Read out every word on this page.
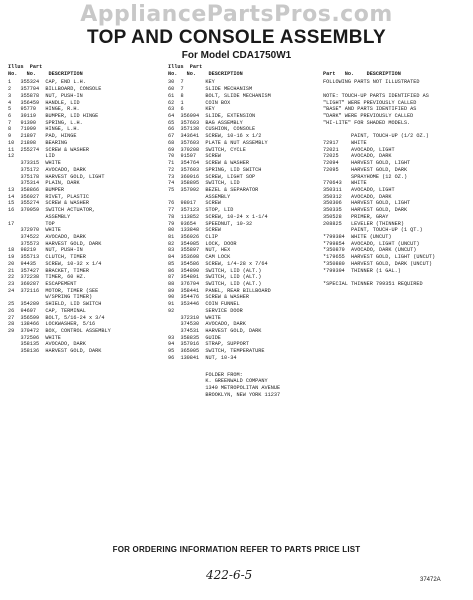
AppliancePartsPros.com
TOP AND CONSOLE ASSEMBLY
For Model CDA1750W1
Illus  Part
No.   No.    DESCRIPTION
1   355324  CAP, END L.H.
2   357704  BILLBOARD, CONSOLE
3   355878  NUT, PUSH-IN
4   356459  HANDLE, LID
5   95770   HINGE, R.H.
6   39119   BUMPER, LID HINGE
7   91390   SPRING, L.H.
8   71099   HINGE, L.H.
9   21897   PAD, HINGE
10  21898   BEARING
11  255274  SCREW & WASHER
12          LID
373315  WHITE
375172  AVOCADO, DARK
375178  HARVEST GOLD, LIGHT
375314  PLAIN, DARK
13  358866  BUMPER
14  356927  RIVET, PLASTIC
15  355274  SCREW & WASHER
16  370959  SWITCH ACTUATOR,
ASSEMBLY
17          TOP
372970  WHITE
374522  AVOCADO, DARK
375573  HARVEST GOLD, DARK
18  98219   NUT, PUSH-IN
19  355713  CLUTCH, TIMER
20  94435   SCREW, 10-32 x 1/4
21  357427  BRACKET, TIMER
22  372238  TIMER, 60 HZ.
23  369287  ESCAPEMENT
24  372116  MOTOR, TIMER (SEE
W/SPRING TIMER)
25  354289  SHIELD, LID SWITCH
26  94697   CAP, TERMINAL
27  356599  BOLT, 5/16-24 x 3/4
28  138466  LOCKWASHER, 5/16
29  370472  BOX, CONTROL ASSEMBLY
372506  WHITE
358135  AVOCADO, DARK
358136  HARVEST GOLD, DARK
Illus  Part
No.   No.    DESCRIPTION
30  7       KEY
60  7       SLIDE MECHANISM
61  8       BOLT, SLIDE MECHANISM
62  1       COIN BOX
63  6       KEY
64  356994  SLIDE, EXTENSION
65  357603  BAG ASSEMBLY
66  357138  CUSHION, CONSOLE
67  343641  SCREW, 10-16 x 1/2
68  357603  PLATE & NUT ASSEMBLY
69  370208  SWITCH, CYCLE
70  91507   SCREW
71  354764  SCREW & WASHER
72  357603  SPRING, LID SWITCH
73  360916  SCREW, LIGHT SOP
74  358895  SWITCH, LID
75  357092  BEZEL & SEPARATOR
ASSEMBLY
76  98017   SCREW
77  357123  STOP, LID
78  113852  SCREW, 10-24 x 1-1/4
79  93654   SPEEDNUT, 10-32
80  133848  SCREW
81  356926  CLIP
82  354085  LOCK, DOOR
83  355897  NUT, HEX
84  353698  CAM LOCK
85  354586  SCREW, 1/4-28 x 7/64
86  354890  SWITCH, LID (ALT.)
87  354891  SWITCH, LID (ALT.)
88  376704  SWITCH, LID (ALT.)
89  358441  PANEL, REAR BILLBOARD
90  354476  SCREW & WASHER
91  353446  COIN FUNNEL
92          SERVICE DOOR
372310  WHITE
374530  AVOCADO, DARK
374531  HARVEST GOLD, DARK
93  358835  GUIDE
94  357016  STRAP, SUPPORT
95  365005  SWITCH, TEMPERATURE
96  130841  NUT, 10-34
FOLDER FROM:
K. GREENWALD COMPANY
1340 METROPOLITAN AVENUE
BROOKLYN, NEW YORK 11237

Part   No.    DESCRIPTION
FOLLOWING PARTS NOT ILLUSTRATED
NOTE: TOUCH-UP PARTS IDENTIFIED AS
"LIGHT" WERE PREVIOUSLY CALLED
"BASE" AND PARTS IDENTIFIED AS
"DARK" WERE PREVIOUSLY CALLED
"HI-LITE" FOR SHADED MODELS.
PAINT, TOUCH-UP (1/2 OZ.)
72917    WHITE
72021    AVOCADO, LIGHT
72025    AVOCADO, DARK
72094    HARVEST GOLD, LIGHT
72095    HARVEST GOLD, DARK
SPRAYHOME (12 OZ.)
770643   WHITE
350311   AVOCADO, LIGHT
350312   AVOCADO, DARK
350306   HARVEST GOLD, LIGHT
350335   HARVEST GOLD, DARK
350528   PRIMER, GRAY
208825   LEVELER (THINNER)
PAINT, TOUCH-UP (1 QT.)
*799384  WHITE (UNCUT)
*799854  AVOCADO, LIGHT (UNCUT)
*350879  AVOCADO, DARK (UNCUT)
*179655  HARVEST GOLD, LIGHT (UNCUT)
*350880  HARVEST GOLD, DARK (UNCUT)
*799394  THINNER (1 GAL.)
*SPECIAL THINNER 799351 REQUIRED
FOR ORDERING INFORMATION REFER TO PARTS PRICE LIST
422-6-5	37472A
